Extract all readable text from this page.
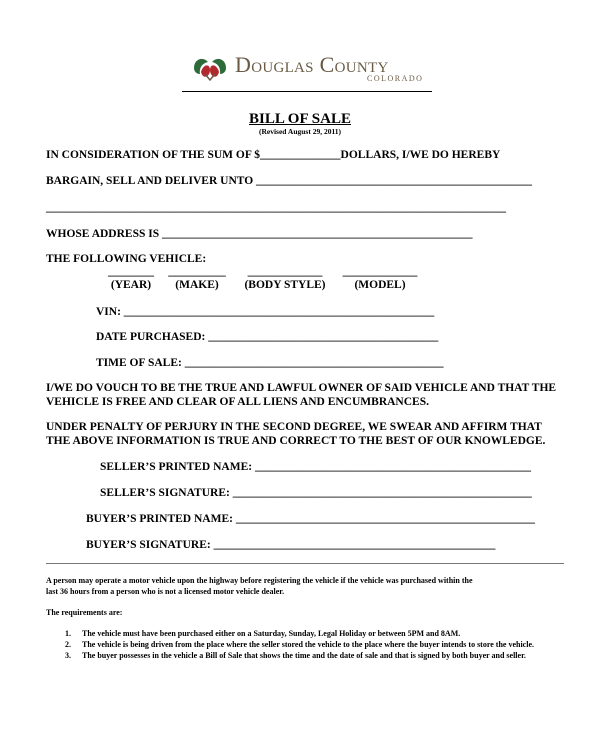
Douglas County
COLORADO
BILL OF SALE
(Revised August 29, 2011)
IN CONSIDERATION OF THE SUM OF $______________DOLLARS, I/WE DO HEREBY
BARGAIN, SELL AND DELIVER UNTO ________________________________________________
________________________________________________________________________________
WHOSE ADDRESS IS ______________________________________________________
THE FOLLOWING VEHICLE:
________
(YEAR)
__________
(MAKE)
_____________
(BODY STYLE)
_____________
(MODEL)
VIN: ______________________________________________________
DATE PURCHASED: ________________________________________
TIME OF SALE: _____________________________________________
I/WE DO VOUCH TO BE THE TRUE AND LAWFUL OWNER OF SAID VEHICLE AND THAT THE
VEHICLE IS FREE AND CLEAR OF ALL LIENS AND ENCUMBRANCES.
UNDER PENALTY OF PERJURY IN THE SECOND DEGREE, WE SWEAR AND AFFIRM THAT
THE ABOVE INFORMATION IS TRUE AND CORRECT TO THE BEST OF OUR KNOWLEDGE.
SELLER’S PRINTED NAME: ________________________________________________
SELLER’S SIGNATURE: ____________________________________________________
BUYER’S PRINTED NAME: ____________________________________________________
BUYER’S SIGNATURE: _________________________________________________
A person may operate a motor vehicle upon the highway before registering the vehicle if the vehicle was purchased within the
last 36 hours from a person who is not a licensed motor vehicle dealer.
The requirements are:
1. The vehicle must have been purchased either on a Saturday, Sunday, Legal Holiday or between 5PM and 8AM.
2. The vehicle is being driven from the place where the seller stored the vehicle to the place where the buyer intends to store the vehicle.
3. The buyer possesses in the vehicle a Bill of Sale that shows the time and the date of sale and that is signed by both buyer and seller.
